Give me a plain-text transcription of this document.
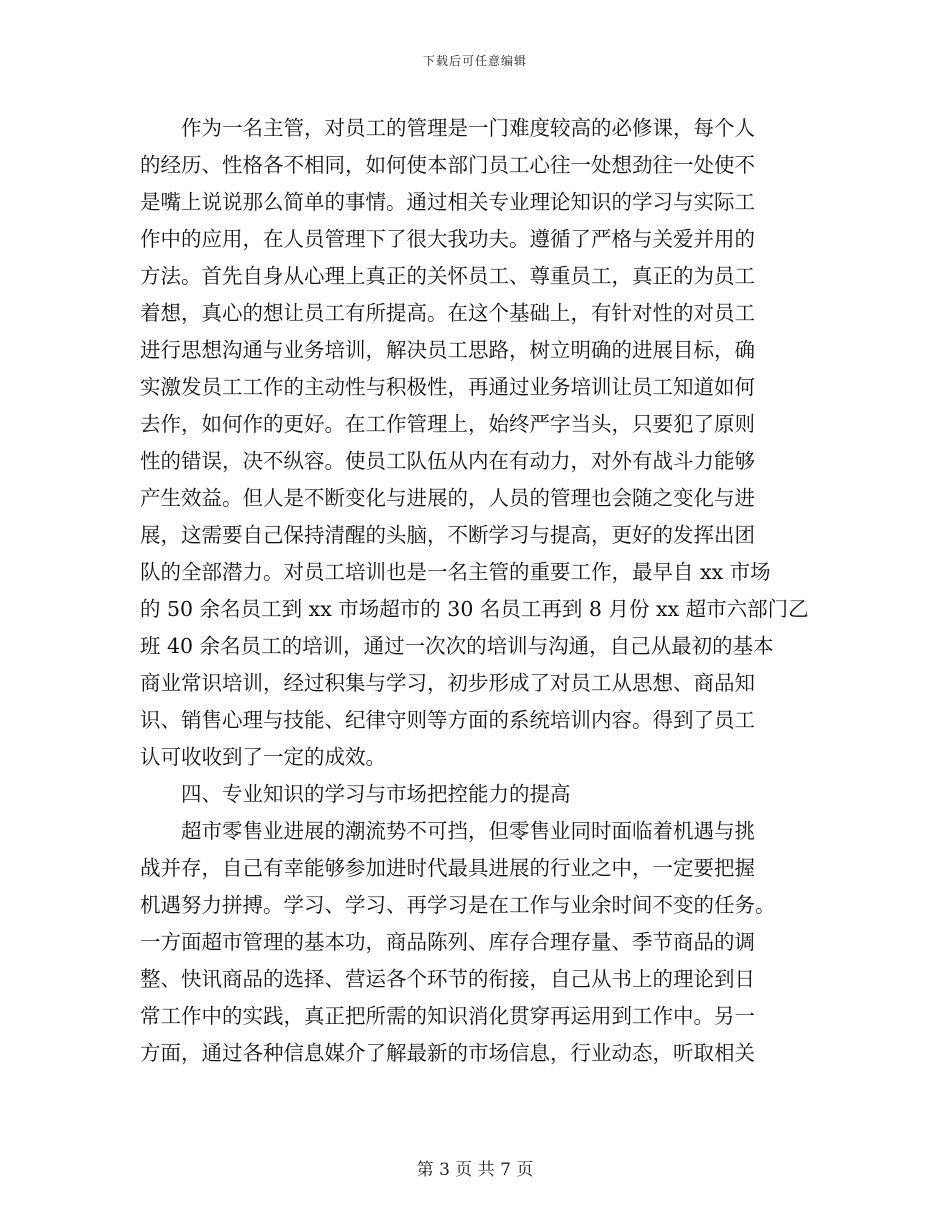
下载后可任意编辑
作为一名主管，对员工的管理是一门难度较高的必修课，每个人
的经历、性格各不相同，如何使本部门员工心往一处想劲往一处使不
是嘴上说说那么简单的事情。通过相关专业理论知识的学习与实际工
作中的应用，在人员管理下了很大我功夫。遵循了严格与关爱并用的
方法。首先自身从心理上真正的关怀员工、尊重员工，真正的为员工
着想，真心的想让员工有所提高。在这个基础上，有针对性的对员工
进行思想沟通与业务培训，解决员工思路，树立明确的进展目标，确
实激发员工工作的主动性与积极性，再通过业务培训让员工知道如何
去作，如何作的更好。在工作管理上，始终严字当头，只要犯了原则
性的错误，决不纵容。使员工队伍从内在有动力，对外有战斗力能够
产生效益。但人是不断变化与进展的，人员的管理也会随之变化与进
展，这需要自己保持清醒的头脑，不断学习与提高，更好的发挥出团
队的全部潜力。对员工培训也是一名主管的重要工作，最早自 xx 市场
的 50 余名员工到 xx 市场超市的 30 名员工再到 8 月份 xx 超市六部门乙
班 40 余名员工的培训，通过一次次的培训与沟通，自己从最初的基本
商业常识培训，经过积集与学习，初步形成了对员工从思想、商品知
识、销售心理与技能、纪律守则等方面的系统培训内容。得到了员工
认可收收到了一定的成效。
四、专业知识的学习与市场把控能力的提高
超市零售业进展的潮流势不可挡，但零售业同时面临着机遇与挑
战并存，自己有幸能够参加进时代最具进展的行业之中，一定要把握
机遇努力拼搏。学习、学习、再学习是在工作与业余时间不变的任务。
一方面超市管理的基本功，商品陈列、库存合理存量、季节商品的调
整、快讯商品的选择、营运各个环节的衔接，自己从书上的理论到日
常工作中的实践，真正把所需的知识消化贯穿再运用到工作中。另一
方面，通过各种信息媒介了解最新的市场信息，行业动态，听取相关
第 3 页 共 7 页
